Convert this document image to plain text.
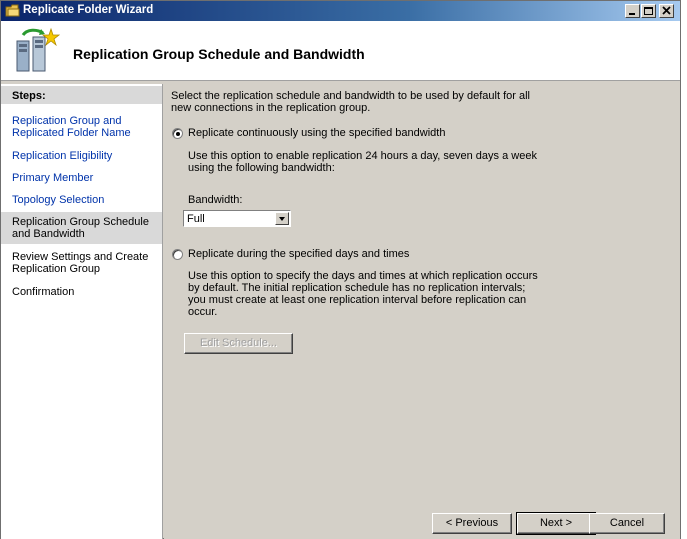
Replicate Folder Wizard
Replication Group Schedule and Bandwidth
Steps:
Replication Group and Replicated Folder Name
Replication Eligibility
Primary Member
Topology Selection
Replication Group Schedule and Bandwidth
Review Settings and Create Replication Group
Confirmation
Select the replication schedule and bandwidth to be used by default for all new connections in the replication group.
Replicate continuously using the specified bandwidth
Use this option to enable replication 24 hours a day, seven days a week using the following bandwidth:
Bandwidth:
Full
Replicate during the specified days and times
Use this option to specify the days and times at which replication occurs by default. The initial replication schedule has no replication intervals; you must create at least one replication interval before replication can occur.
Edit Schedule...
< Previous	Next >	Cancel
